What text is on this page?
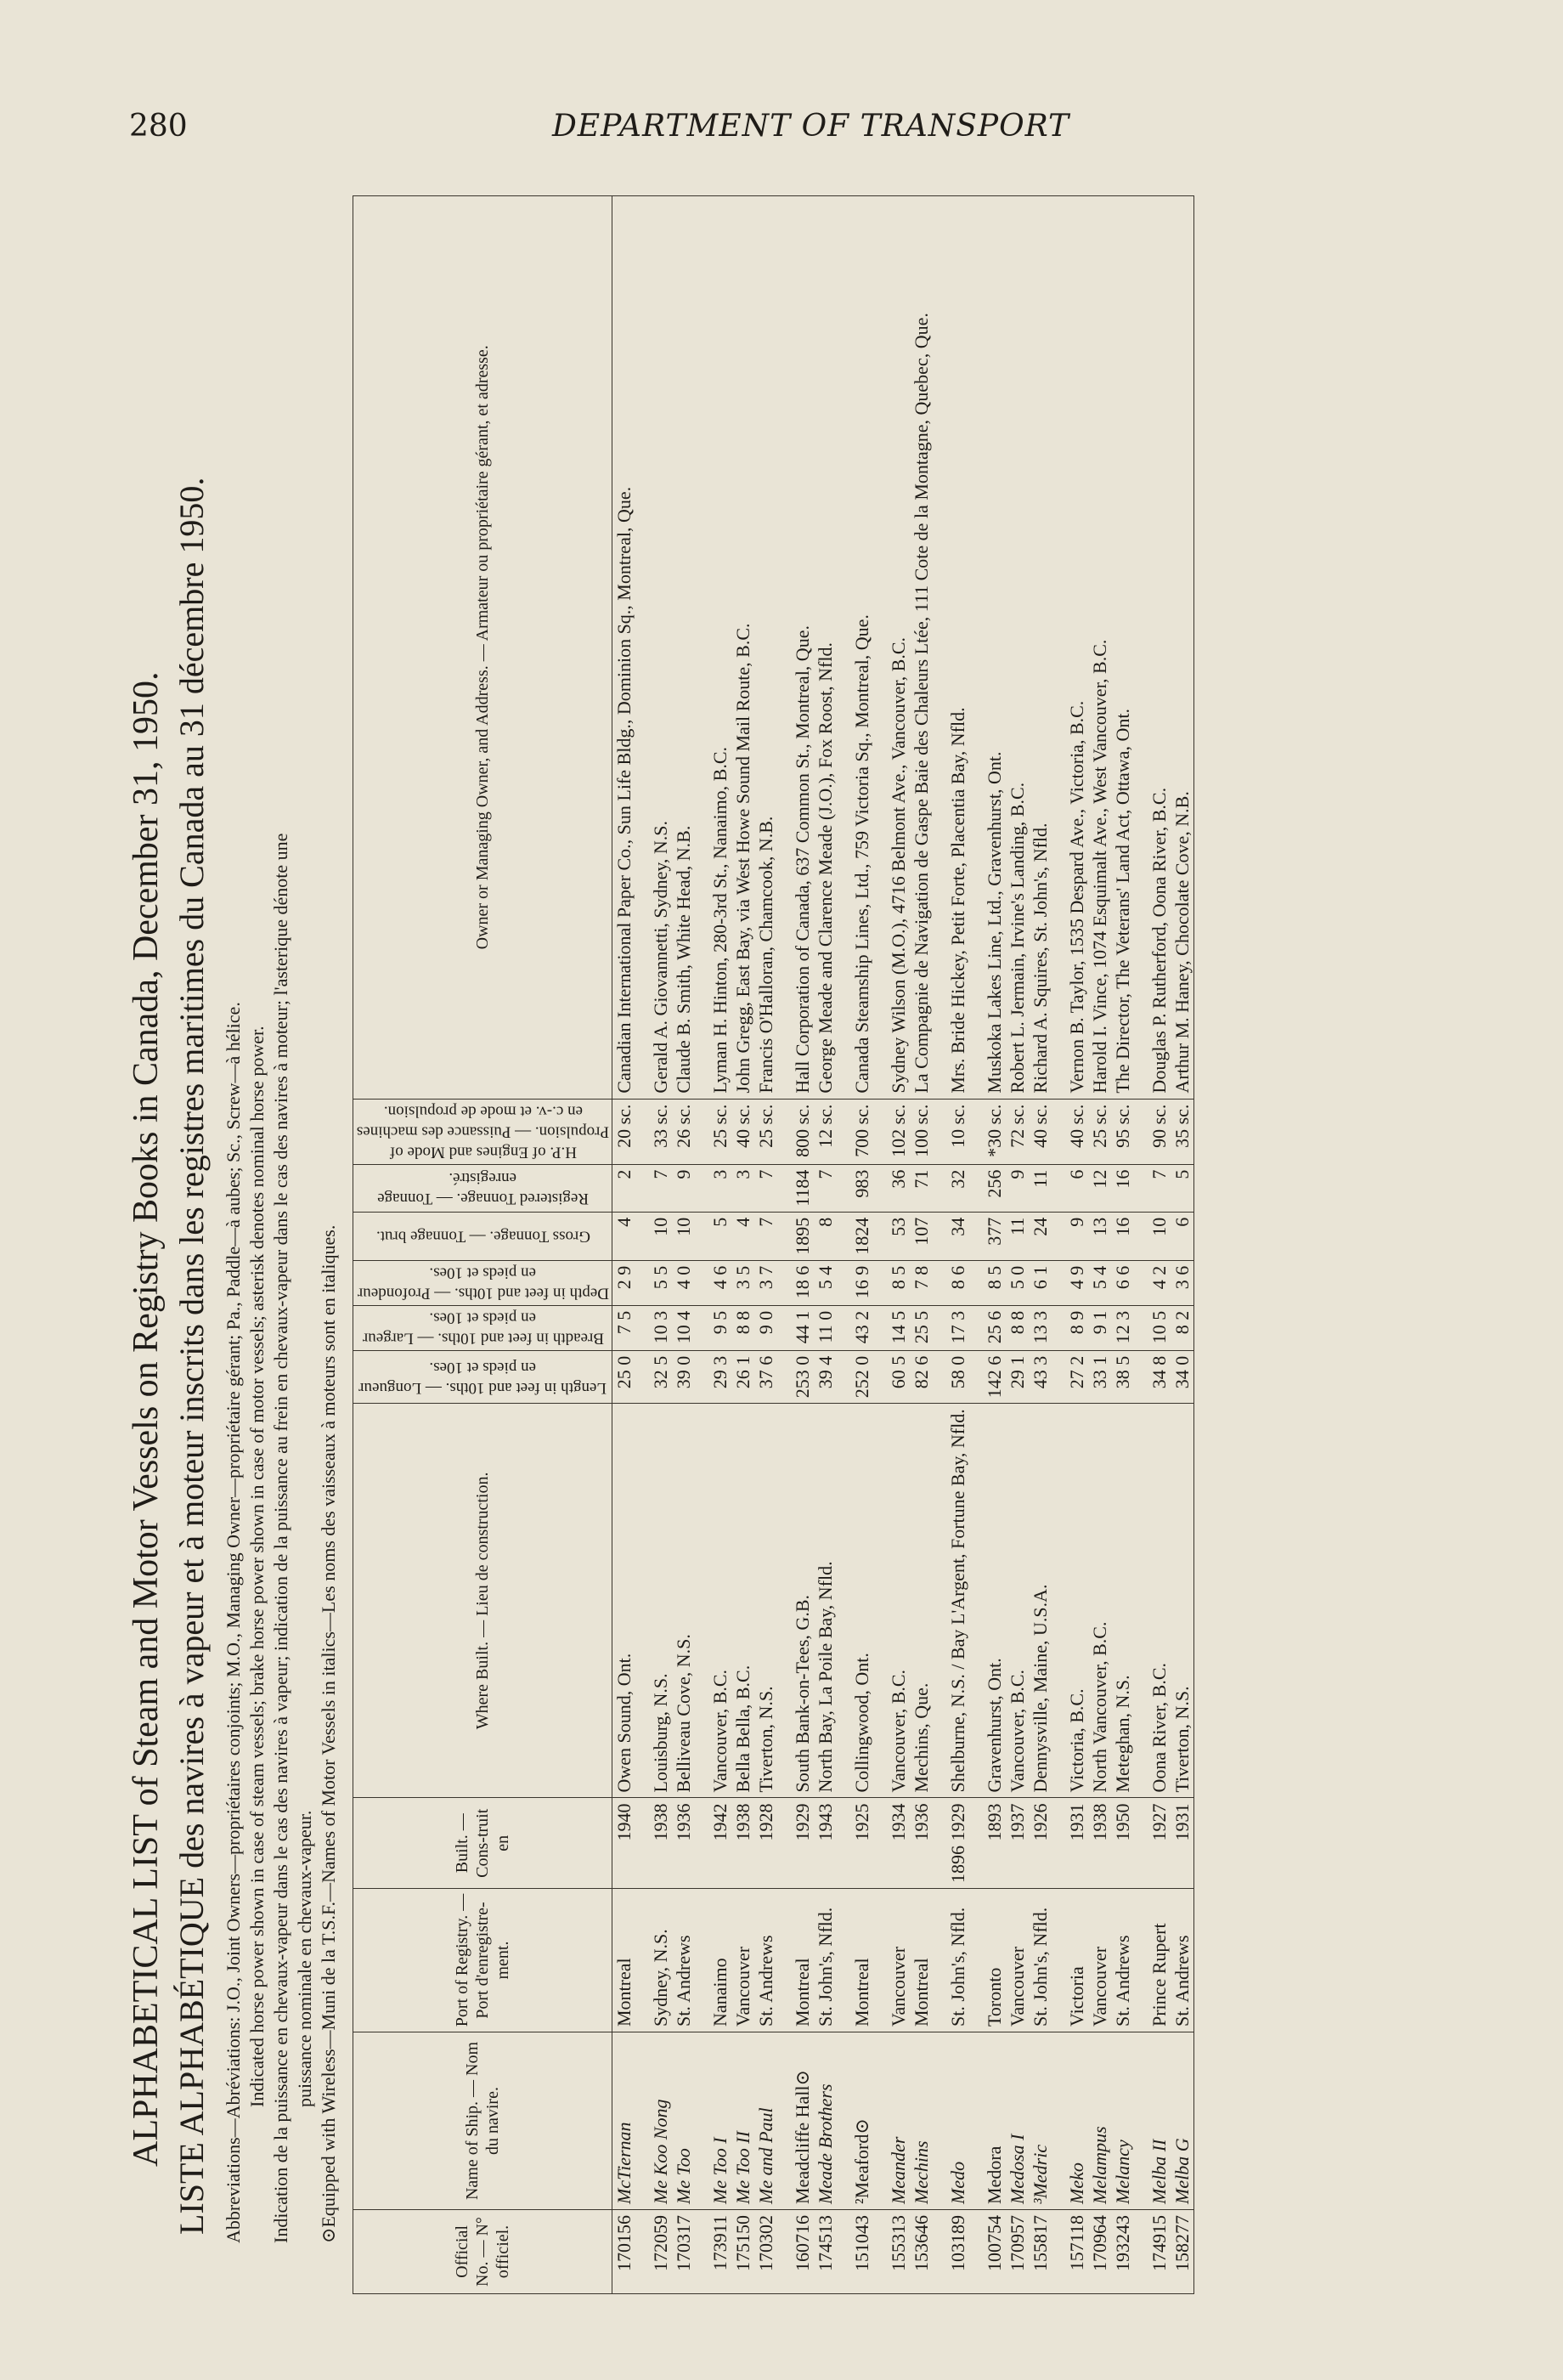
280	DEPARTMENT OF TRANSPORT
ALPHABETICAL LIST of Steam and Motor Vessels on Registry Books in Canada, December 31, 1950. LISTE ALPHABÉTIQUE des navires à vapeur et à moteur inscrits dans les registres maritimes du Canada au 31 décembre 1950. Abbreviations—Abréviations: J.O., Joint Owners—propriétaires conjoints; M.O., Managing Owner—propriétaire gérant; Pa., Paddle—à aubes; Sc., Screw—à hélice. Indicated horse power shown in case of steam vessels; brake horse power shown in case of motor vessels; asterisk denotes nominal horse power. Indication de la puissance en chevaux-vapeur dans le cas des navires à vapeur; indication de la puissance au frein en chevaux-vapeur dans le cas des navires à moteur; l'asterique dénote une puissance nominale en chevaux-vapeur. ⊙Equipped with Wireless—Muni de la T.S.F.—Names of Motor Vessels in italics—Les noms des vaisseaux à moteurs sont en italiques.
Official No. — N° officiel.	Name of Ship. — Nom du navire.	Port of Registry. — Port d'enregistre-ment.	Built. — Cons-truit en	Where Built. — Lieu de construction.	Length in feet and 10ths. — Longueur en pieds et 10es.	Breadth in feet and 10ths. — Largeur en pieds et 10es.	Depth in feet and 10ths. — Profondeur en pieds et 10es.	Gross Tonnage. — Tonnage brut.	Registered Tonnage. — Tonnage enregistré.	H.P. of Engines and Mode of Propulsion. — Puissance des machines en c.-v. et mode de propulsion.	Owner or Managing Owner, and Address. — Armateur ou propriétaire gérant, et adresse.
170156	McTiernan	Montreal	1940	Owen Sound, Ont.	25 0	7 5	2 9	4	2	20 sc.	Canadian International Paper Co., Sun Life Bldg., Dominion Sq., Montreal, Que.

172059	Me Koo Nong	Sydney, N.S.	1938	Louisburg, N.S.	32 5	10 3	5 5	10	7	33 sc.	Gerald A. Giovannetti, Sydney, N.S.
170317	Me Too	St. Andrews	1936	Belliveau Cove, N.S.	39 0	10 4	4 0	10	9	26 sc.	Claude B. Smith, White Head, N.B.

173911	Me Too I	Nanaimo	1942	Vancouver, B.C.	29 3	9 5	4 6	5	3	25 sc.	Lyman H. Hinton, 280-3rd St., Nanaimo, B.C.
175150	Me Too II	Vancouver	1938	Bella Bella, B.C.	26 1	8 8	3 5	4	3	40 sc.	John Gregg, East Bay, via West Howe Sound Mail Route, B.C.
170302	Me and Paul	St. Andrews	1928	Tiverton, N.S.	37 6	9 0	3 7	7	7	25 sc.	Francis O'Halloran, Chamcook, N.B.

160716	Meadcliffe Hall⊙	Montreal	1929	South Bank-on-Tees, G.B.	253 0	44 1	18 6	1895	1184	800 sc.	Hall Corporation of Canada, 637 Common St., Montreal, Que.
174513	Meade Brothers	St. John's, Nfld.	1943	North Bay, La Poile Bay, Nfld.	39 4	11 0	5 4	8	7	12 sc.	George Meade and Clarence Meade (J.O.), Fox Roost, Nfld.

151043	²Meaford⊙	Montreal	1925	Collingwood, Ont.	252 0	43 2	16 9	1824	983	700 sc.	Canada Steamship Lines, Ltd., 759 Victoria Sq., Montreal, Que.

155313	Meander	Vancouver	1934	Vancouver, B.C.	60 5	14 5	8 5	53	36	102 sc.	Sydney Wilson (M.O.), 4716 Belmont Ave., Vancouver, B.C.
153646	Mechins	Montreal	1936	Mechins, Que.	82 6	25 5	7 8	107	71	100 sc.	La Compagnie de Navigation de Gaspe Baie des Chaleurs Ltée, 111 Cote de la Montagne, Quebec, Que.

103189	Medo	St. John's, Nfld.	1896 1929	Shelburne, N.S. / Bay L'Argent, Fortune Bay, Nfld.	58 0	17 3	8 6	34	32	10 sc.	Mrs. Bride Hickey, Petit Forte, Placentia Bay, Nfld.

100754	Medora	Toronto	1893	Gravenhurst, Ont.	142 6	25 6	8 5	377	256	*30 sc.	Muskoka Lakes Line, Ltd., Gravenhurst, Ont.
170957	Medosa I	Vancouver	1937	Vancouver, B.C.	29 1	8 8	5 0	11	9	72 sc.	Robert L. Jermain, Irvine's Landing, B.C.
155817	³Medric	St. John's, Nfld.	1926	Dennysville, Maine, U.S.A.	43 3	13 3	6 1	24	11	40 sc.	Richard A. Squires, St. John's, Nfld.

157118	Meko	Victoria	1931	Victoria, B.C.	27 2	8 9	4 9	9	6	40 sc.	Vernon B. Taylor, 1535 Despard Ave., Victoria, B.C.
170964	Melampus	Vancouver	1938	North Vancouver, B.C.	33 1	9 1	5 4	13	12	25 sc.	Harold I. Vince, 1074 Esquimalt Ave., West Vancouver, B.C.
193243	Melancy	St. Andrews	1950	Meteghan, N.S.	38 5	12 3	6 6	16	16	95 sc.	The Director, The Veterans' Land Act, Ottawa, Ont.

174915	Melba II	Prince Rupert	1927	Oona River, B.C.	34 8	10 5	4 2	10	7	90 sc.	Douglas P. Rutherford, Oona River, B.C.
158277	Melba G	St. Andrews	1931	Tiverton, N.S.	34 0	8 2	3 6	6	5	35 sc.	Arthur M. Haney, Chocolate Cove, N.B.
